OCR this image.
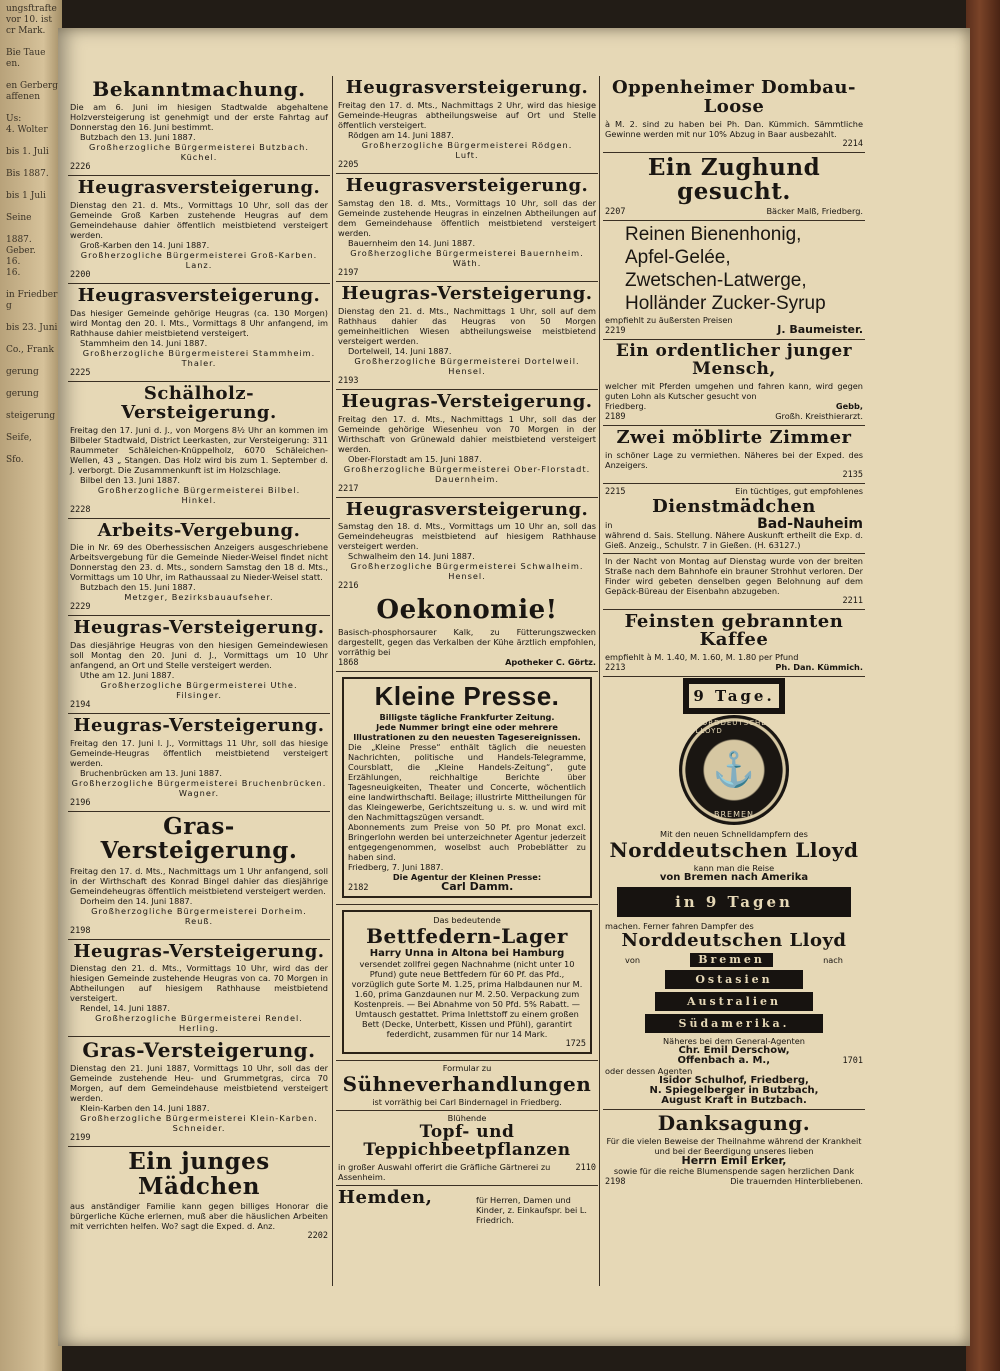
ungsftrafte
vor 10. ist
cr Mark.

Bie Taue
en.

en Gerbergaffenen

Us:
4. Wolter

bis 1. Juli

Bis 1887.

bis 1 Juli

Seine

1887.
Geber.
16.
16.

in Friedberg

bis 23. Juni

Co., Frank

gerung

gerung

steigerung

Seife,

Sfo.
Bekanntmachung.
Die am 6. Juni im hiesigen Stadtwalde abgehaltene Holzversteigerung ist genehmigt und der erste Fahrtag auf Donnerstag den 16. Juni bestimmt.
Butzbach den 13. Juni 1887.
Großherzogliche Bürgermeisterei Butzbach.
Küchel.
2226
Heugrasversteigerung.
Dienstag den 21. d. Mts., Vormittags 10 Uhr, soll das der Gemeinde Groß Karben zustehende Heugras auf dem Gemeindehause dahier öffentlich meistbietend versteigert werden.
Groß-Karben den 14. Juni 1887.
Großherzogliche Bürgermeisterei Groß-Karben.
Lanz.
2200
Heugrasversteigerung.
Das hiesiger Gemeinde gehörige Heugras (ca. 130 Morgen) wird Montag den 20. l. Mts., Vormittags 8 Uhr anfangend, im Rathhause dahier meistbietend versteigert.
Stammheim den 14. Juni 1887.
Großherzogliche Bürgermeisterei Stammheim.
Thaler.
2225
Schälholz-Versteigerung.
Freitag den 17. Juni d. J., von Morgens 8½ Uhr an kommen im Bilbeler Stadtwald, District Leerkasten, zur Versteigerung: 311 Raummeter Schäleichen-Knüppelholz, 6070 Schäleichen-Wellen, 43 „ Stangen. Das Holz wird bis zum 1. September d. J. verborgt. Die Zusammenkunft ist im Holzschlage.
Bilbel den 13. Juni 1887.
Großherzogliche Bürgermeisterei Bilbel.
Hinkel.
2228
Arbeits-Vergebung.
Die in Nr. 69 des Oberhessischen Anzeigers ausgeschriebene Arbeitsvergebung für die Gemeinde Nieder-Weisel findet nicht Donnerstag den 23. d. Mts., sondern Samstag den 18 d. Mts., Vormittags um 10 Uhr, im Rathaussaal zu Nieder-Weisel statt.
Butzbach den 15. Juni 1887.
Metzger, Bezirksbauaufseher.
2229
Heugras-Versteigerung.
Das diesjährige Heugras von den hiesigen Gemeindewiesen soll Montag den 20. Juni d. J., Vormittags um 10 Uhr anfangend, an Ort und Stelle versteigert werden.
Uthe am 12. Juni 1887.
Großherzogliche Bürgermeisterei Uthe.
Filsinger.
2194
Heugras-Versteigerung.
Freitag den 17. Juni l. J., Vormittags 11 Uhr, soll das hiesige Gemeinde-Heugras öffentlich meistbietend versteigert werden.
Bruchenbrücken am 13. Juni 1887.
Großherzogliche Bürgermeisterei Bruchenbrücken.
Wagner.
2196
Gras-Versteigerung.
Freitag den 17. d. Mts., Nachmittags um 1 Uhr anfangend, soll in der Wirthschaft des Konrad Bingel dahier das diesjährige Gemeindeheugras öffentlich meistbietend versteigert werden.
Dorheim den 14. Juni 1887.
Großherzogliche Bürgermeisterei Dorheim.
Reuß.
2198
Heugras-Versteigerung.
Dienstag den 21. d. Mts., Vormittags 10 Uhr, wird das der hiesigen Gemeinde zustehende Heugras von ca. 70 Morgen in Abtheilungen auf hiesigem Rathhause meistbietend versteigert.
Rendel, 14. Juni 1887.
Großherzogliche Bürgermeisterei Rendel.
Herling.
Gras-Versteigerung.
Dienstag den 21. Juni 1887, Vormittags 10 Uhr, soll das der Gemeinde zustehende Heu- und Grummetgras, circa 70 Morgen, auf dem Gemeindehause meistbietend versteigert werden.
Klein-Karben den 14. Juni 1887.
Großherzogliche Bürgermeisterei Klein-Karben.
Schneider.
2199
Ein junges Mädchen
aus anständiger Familie kann gegen billiges Honorar die bürgerliche Küche erlernen, muß aber die häuslichen Arbeiten mit verrichten helfen. Wo? sagt die Exped. d. Anz.
2202
Heugrasversteigerung.
Freitag den 17. d. Mts., Nachmittags 2 Uhr, wird das hiesige Gemeinde-Heugras abtheilungsweise auf Ort und Stelle öffentlich versteigert.
Rödgen am 14. Juni 1887.
Großherzogliche Bürgermeisterei Rödgen.
Luft.
2205
Heugrasversteigerung.
Samstag den 18. d. Mts., Vormittags 10 Uhr, soll das der Gemeinde zustehende Heugras in einzelnen Abtheilungen auf dem Gemeindehause öffentlich meistbietend versteigert werden.
Bauernheim den 14. Juni 1887.
Großherzogliche Bürgermeisterei Bauernheim.
Wäth.
2197
Heugras-Versteigerung.
Dienstag den 21. d. Mts., Nachmittags 1 Uhr, soll auf dem Rathhaus dahier das Heugras von 50 Morgen gemeinheitlichen Wiesen abtheilungsweise meistbietend versteigert werden.
Dortelweil, 14. Juni 1887.
Großherzogliche Bürgermeisterei Dortelweil.
Hensel.
2193
Heugras-Versteigerung.
Freitag den 17. d. Mts., Nachmittags 1 Uhr, soll das der Gemeinde gehörige Wiesenheu von 70 Morgen in der Wirthschaft von Grünewald dahier meistbietend versteigert werden.
Ober-Florstadt am 15. Juni 1887.
Großherzogliche Bürgermeisterei Ober-Florstadt.
Dauernheim.
2217
Heugrasversteigerung.
Samstag den 18. d. Mts., Vormittags um 10 Uhr an, soll das Gemeindeheugras meistbietend auf hiesigem Rathhause versteigert werden.
Schwalheim den 14. Juni 1887.
Großherzogliche Bürgermeisterei Schwalheim.
Hensel.
2216
Oekonomie!
Basisch-phosphorsaurer Kalk, zu Fütterungszwecken dargestellt, gegen das Verkalben der Kühe ärztlich empfohlen, vorräthig bei
1868	Apotheker C. Görtz.
Kleine Presse.
Billigste tägliche Frankfurter Zeitung.
Jede Nummer bringt eine oder mehrere Illustrationen zu den neuesten Tagesereignissen.
Die „Kleine Presse“ enthält täglich die neuesten Nachrichten, politische und Handels-Telegramme, Coursblatt, die „Kleine Handels-Zeitung“, gute Erzählungen, reichhaltige Berichte über Tagesneuigkeiten, Theater und Concerte, wöchentlich eine landwirthschaftl. Beilage; illustrirte Mittheilungen für das Kleingewerbe, Gerichtszeitung u. s. w. und wird mit den Nachmittagszügen versandt.
Abonnements zum Preise von 50 Pf. pro Monat excl. Bringerlohn werden bei unterzeichneter Agentur jederzeit entgegengenommen, woselbst auch Probeblätter zu haben sind.
Friedberg, 7. Juni 1887.
Die Agentur der Kleinen Presse:
2182	Carl Damm.
Das bedeutende
Bettfedern-Lager
Harry Unna in Altona bei Hamburg
versendet zollfrei gegen Nachnahme (nicht unter 10 Pfund) gute neue Bettfedern für 60 Pf. das Pfd., vorzüglich gute Sorte M. 1.25, prima Halbdaunen nur M. 1.60, prima Ganzdaunen nur M. 2.50. Verpackung zum Kostenpreis. — Bei Abnahme von 50 Pfd. 5% Rabatt. — Umtausch gestattet. Prima Inlettstoff zu einem großen Bett (Decke, Unterbett, Kissen und Pfühl), garantirt federdicht, zusammen für nur 14 Mark.
1725
Formular zu
Sühneverhandlungen
ist vorräthig bei Carl Bindernagel in Friedberg.
Blühende
Topf- und Teppichbeetpflanzen
in großer Auswahl offerirt die Gräfliche Gärtnerei zu Assenheim.
2110
Hemden,	für Herren, Damen und Kinder, z. Einkaufspr. bei L. Friedrich.
Oppenheimer Dombau-Loose
à M. 2. sind zu haben bei Ph. Dan. Kümmich. Sämmtliche Gewinne werden mit nur 10% Abzug in Baar ausbezahlt.
2214
Ein Zughund gesucht.
2207	Bäcker Malß, Friedberg.
Reinen Bienenhonig,
Apfel-Gelée,
Zwetschen-Latwerge,
Holländer Zucker-Syrup
empfiehlt zu äußersten Preisen
2219	J. Baumeister.
Ein ordentlicher junger Mensch,
welcher mit Pferden umgehen und fahren kann, wird gegen guten Lohn als Kutscher gesucht von
Friedberg.	Gebb,
2189	Großh. Kreisthierarzt.
Zwei möblirte Zimmer
in schöner Lage zu vermiethen. Näheres bei der Exped. des Anzeigers.
2135
2215	Ein tüchtiges, gut empfohlenes
Dienstmädchen
in	Bad-Nauheim
während d. Sais. Stellung. Nähere Auskunft ertheilt die Exp. d. Gieß. Anzeig., Schulstr. 7 in Gießen. (H. 63127.)
In der Nacht von Montag auf Dienstag wurde von der breiten Straße nach dem Bahnhofe ein brauner Strohhut verloren. Der Finder wird gebeten denselben gegen Belohnung auf dem Gepäck-Büreau der Eisenbahn abzugeben.
2211
Feinsten gebrannten Kaffee
empfiehlt à M. 1.40, M. 1.60, M. 1.80 per Pfund
2213	Ph. Dan. Kümmich.
9 Tage.
NORDDEUTSCHER LLOYD
⚓
BREMEN
Mit den neuen Schnelldampfern des
Norddeutschen Lloyd
kann man die Reise
von Bremen nach Amerika
in 9 Tagen
machen. Ferner fahren Dampfer des
Norddeutschen Lloyd
von	Bremen	nach
Ostasien
Australien
Südamerika.
Näheres bei dem General-Agenten
Chr. Emil Derschow,
Offenbach a. M.,	1701
oder dessen Agenten
Isidor Schulhof, Friedberg,
N. Spiegelberger in Butzbach,
August Kraft in Butzbach.
Danksagung.
Für die vielen Beweise der Theilnahme während der Krankheit und bei der Beerdigung unseres lieben
Herrn Emil Erker,
sowie für die reiche Blumenspende sagen herzlichen Dank
2198	Die trauernden Hinterbliebenen.
